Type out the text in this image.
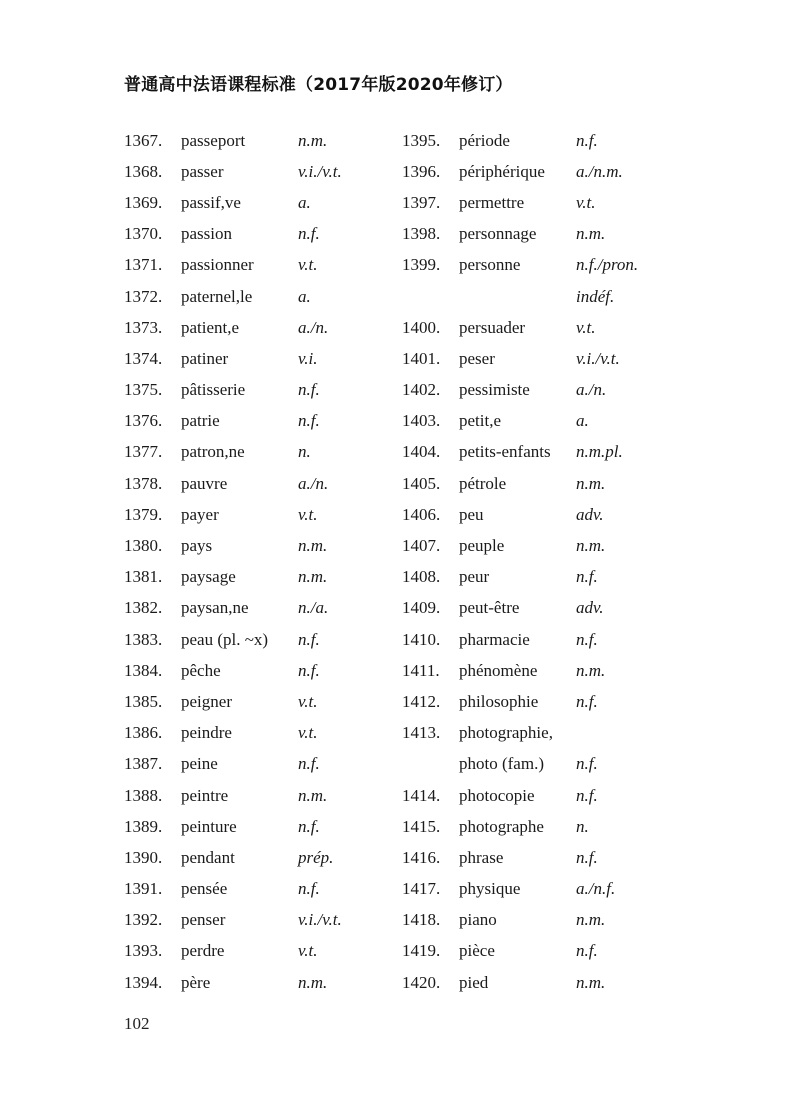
普通高中法语课程标准（2017年版2020年修订）
1367.	passeport	n.m.
1368.	passer	v.i./v.t.
1369.	passif,ve	a.
1370.	passion	n.f.
1371.	passionner	v.t.
1372.	paternel,le	a.
1373.	patient,e	a./n.
1374.	patiner	v.i.
1375.	pâtisserie	n.f.
1376.	patrie	n.f.
1377.	patron,ne	n.
1378.	pauvre	a./n.
1379.	payer	v.t.
1380.	pays	n.m.
1381.	paysage	n.m.
1382.	paysan,ne	n./a.
1383.	peau (pl. ~x)	n.f.
1384.	pêche	n.f.
1385.	peigner	v.t.
1386.	peindre	v.t.
1387.	peine	n.f.
1388.	peintre	n.m.
1389.	peinture	n.f.
1390.	pendant	prép.
1391.	pensée	n.f.
1392.	penser	v.i./v.t.
1393.	perdre	v.t.
1394.	père	n.m.
1395.	période	n.f.
1396.	périphérique	a./n.m.
1397.	permettre	v.t.
1398.	personnage	n.m.
1399.	personne	n.f./pron.
indéf.
1400.	persuader	v.t.
1401.	peser	v.i./v.t.
1402.	pessimiste	a./n.
1403.	petit,e	a.
1404.	petits-enfants	n.m.pl.
1405.	pétrole	n.m.
1406.	peu	adv.
1407.	peuple	n.m.
1408.	peur	n.f.
1409.	peut-être	adv.
1410.	pharmacie	n.f.
1411.	phénomène	n.m.
1412.	philosophie	n.f.
1413.	photographie,
photo (fam.)	n.f.
1414.	photocopie	n.f.
1415.	photographe	n.
1416.	phrase	n.f.
1417.	physique	a./n.f.
1418.	piano	n.m.
1419.	pièce	n.f.
1420.	pied	n.m.
102
